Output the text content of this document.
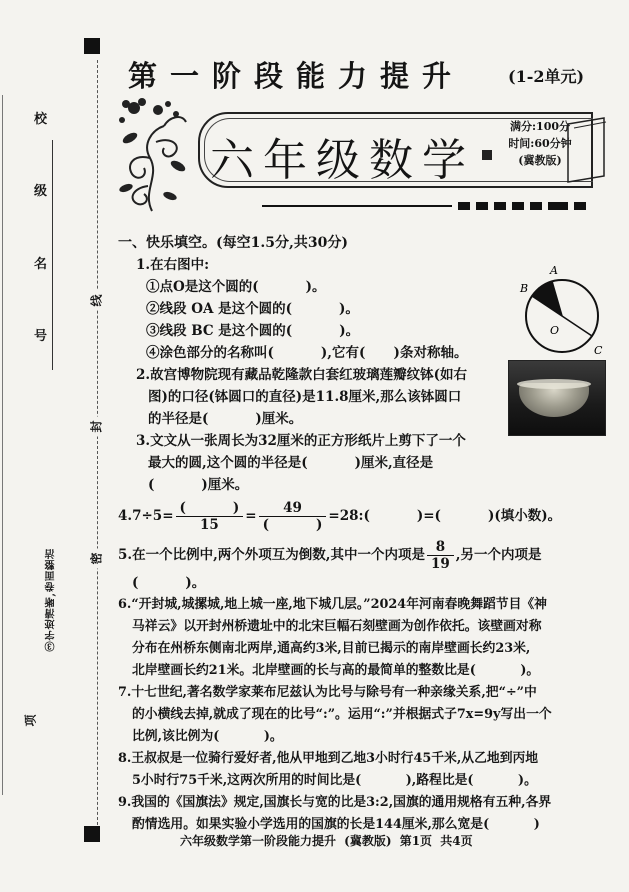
校
级
名
号
线
封
密
③字迹清晰,卷面整洁
项
第一阶段能力提升	(1-2单元)
六年级数学
满分:100分
时间:60分钟
(冀教版)
一、快乐填空。(每空1.5分,共30分)
1.在右图中:
①点O是这个圆的(          )。
②线段 OA 是这个圆的(          )。
③线段 BC 是这个圆的(          )。
④涂色部分的名称叫(          ),它有(      )条对称轴。
2.故宫博物院现有藏品乾隆款白套红玻璃莲瓣纹钵(如右
图)的口径(钵圆口的直径)是11.8厘米,那么该钵圆口
的半径是(          )厘米。
3.文文从一张周长为32厘米的正方形纸片上剪下了一个
最大的圆,这个圆的半径是(          )厘米,直径是
(          )厘米。
$4.7\div 5= \frac{( )}{15} = \frac{49}{( )}$ =28:(          )=(          )(填小数)。
5.在一个比例中,两个外项互为倒数,其中一个内项是 $\frac{8}{19}$ ,另一个内项是
(          )。
6.“开封城,城摞城,地上城一座,地下城几层。”2024年河南春晚舞蹈节目《神
马祥云》以开封州桥遗址中的北宋巨幅石刻壁画为创作依托。该壁画对称
分布在州桥东侧南北两岸,通高约3米,目前已揭示的南岸壁画长约23米,
北岸壁画长约21米。北岸壁画的长与高的最简单的整数比是(          )。
7.十七世纪,著名数学家莱布尼兹认为比号与除号有一种亲缘关系,把“÷”中
的小横线去掉,就成了现在的比号“:”。运用“:”并根据式子7x=9y写出一个
比例,该比例为(          )。
8.王叔叔是一位骑行爱好者,他从甲地到乙地3小时行45千米,从乙地到丙地
5小时行75千米,这两次所用的时间比是(          ),路程比是(          )。
9.我国的《国旗法》规定,国旗长与宽的比是3:2,国旗的通用规格有五种,各界
酌情选用。如果实验小学选用的国旗的长是144厘米,那么宽是(          )
A
B
O
C
六年级数学第一阶段能力提升 (冀教版) 第1页 共4页
